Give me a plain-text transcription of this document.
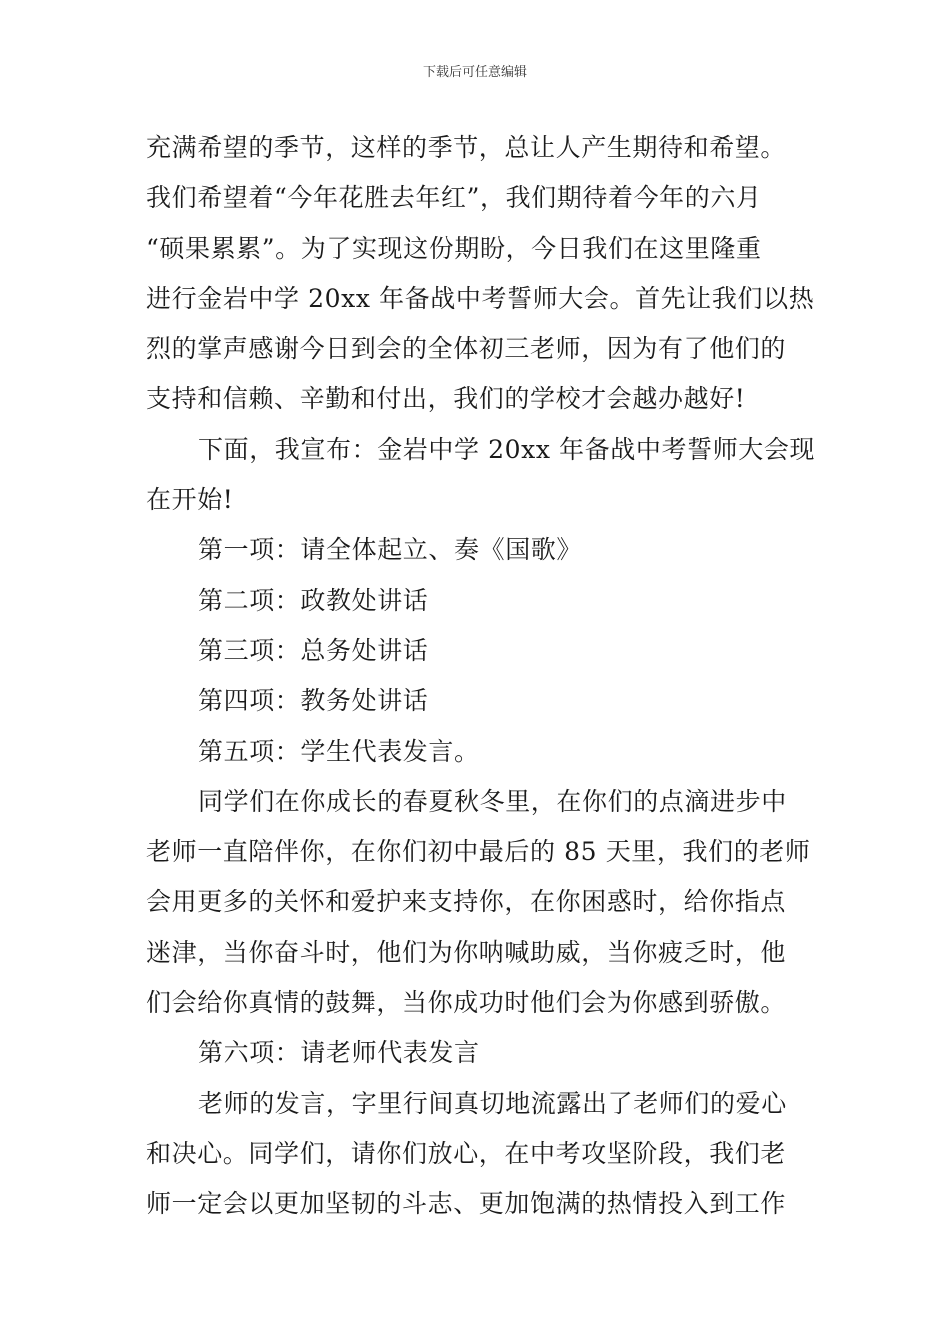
下载后可任意编辑
充满希望的季节，这样的季节，总让人产生期待和希望。
我们希望着“今年花胜去年红”，我们期待着今年的六月
“硕果累累”。为了实现这份期盼，今日我们在这里隆重
进行金岩中学 20xx 年备战中考誓师大会。首先让我们以热
烈的掌声感谢今日到会的全体初三老师，因为有了他们的
支持和信赖、辛勤和付出，我们的学校才会越办越好!
下面，我宣布：金岩中学 20xx 年备战中考誓师大会现
在开始!
第一项：请全体起立、奏《国歌》
第二项：政教处讲话
第三项：总务处讲话
第四项：教务处讲话
第五项：学生代表发言。
同学们在你成长的春夏秋冬里，在你们的点滴进步中
老师一直陪伴你，在你们初中最后的 85 天里，我们的老师
会用更多的关怀和爱护来支持你，在你困惑时，给你指点
迷津，当你奋斗时，他们为你呐喊助威，当你疲乏时，他
们会给你真情的鼓舞，当你成功时他们会为你感到骄傲。
第六项：请老师代表发言
老师的发言，字里行间真切地流露出了老师们的爱心
和决心。同学们，请你们放心，在中考攻坚阶段，我们老
师一定会以更加坚韧的斗志、更加饱满的热情投入到工作
